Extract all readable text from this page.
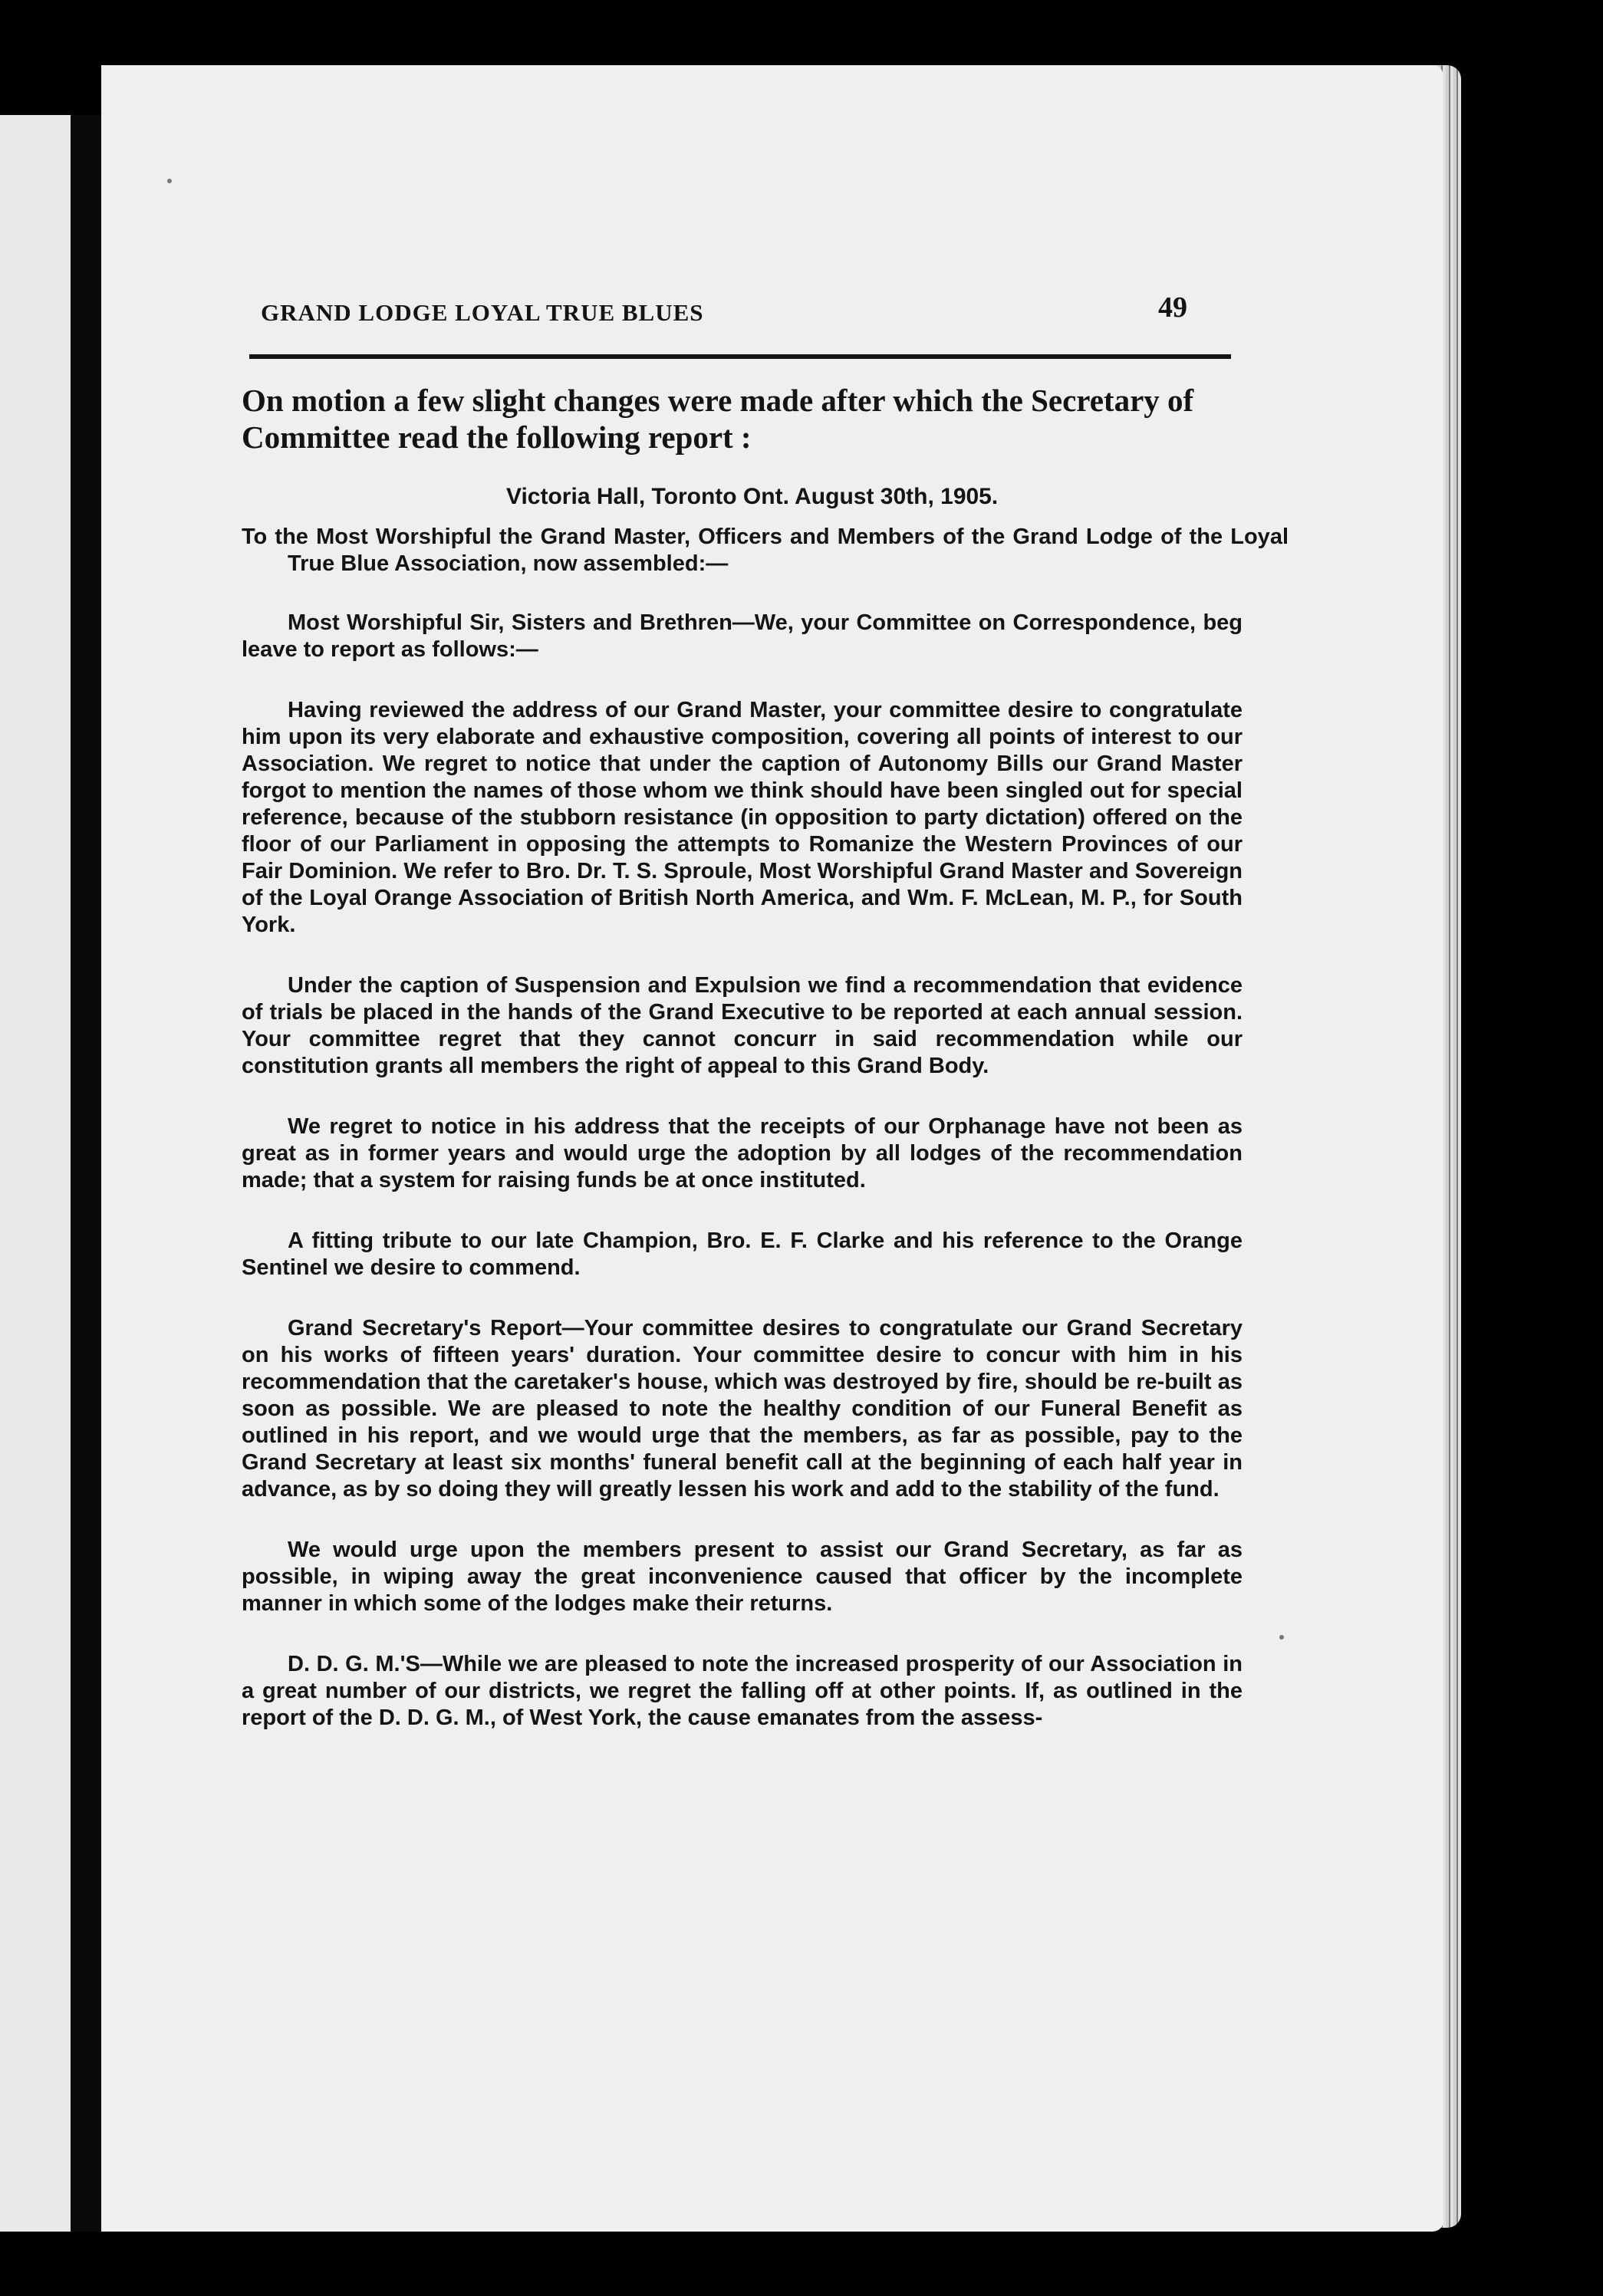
GRAND LODGE LOYAL TRUE BLUES	49
On motion a few slight changes were made after which the Secretary of Committee read the following report :
Victoria Hall, Toronto Ont. August 30th, 1905.

To the Most Worshipful the Grand Master, Officers and Members of the Grand Lodge of the Loyal True Blue Association, now assembled:—

Most Worshipful Sir, Sisters and Brethren—We, your Committee on Correspondence, beg leave to report as follows:—

Having reviewed the address of our Grand Master, your committee desire to congratulate him upon its very elaborate and exhaustive composition, covering all points of interest to our Association. We regret to notice that under the caption of Autonomy Bills our Grand Master forgot to mention the names of those whom we think should have been singled out for special reference, because of the stubborn resistance (in opposition to party dictation) offered on the floor of our Parliament in opposing the attempts to Romanize the Western Provinces of our Fair Dominion. We refer to Bro. Dr. T. S. Sproule, Most Worshipful Grand Master and Sovereign of the Loyal Orange Association of British North America, and Wm. F. McLean, M. P., for South York.

Under the caption of Suspension and Expulsion we find a recommendation that evidence of trials be placed in the hands of the Grand Executive to be reported at each annual session. Your committee regret that they cannot concurr in said recommendation while our constitution grants all members the right of appeal to this Grand Body.

We regret to notice in his address that the receipts of our Orphanage have not been as great as in former years and would urge the adoption by all lodges of the recommendation made; that a system for raising funds be at once instituted.

A fitting tribute to our late Champion, Bro. E. F. Clarke and his reference to the Orange Sentinel we desire to commend.

Grand Secretary's Report—Your committee desires to congratulate our Grand Secretary on his works of fifteen years' duration. Your committee desire to concur with him in his recommendation that the caretaker's house, which was destroyed by fire, should be re-built as soon as possible. We are pleased to note the healthy condition of our Funeral Benefit as outlined in his report, and we would urge that the members, as far as possible, pay to the Grand Secretary at least six months' funeral benefit call at the beginning of each half year in advance, as by so doing they will greatly lessen his work and add to the stability of the fund.

We would urge upon the members present to assist our Grand Secretary, as far as possible, in wiping away the great inconvenience caused that officer by the incomplete manner in which some of the lodges make their returns.

D. D. G. M.'S—While we are pleased to note the increased prosperity of our Association in a great number of our districts, we regret the falling off at other points. If, as outlined in the report of the D. D. G. M., of West York, the cause emanates from the assess-
